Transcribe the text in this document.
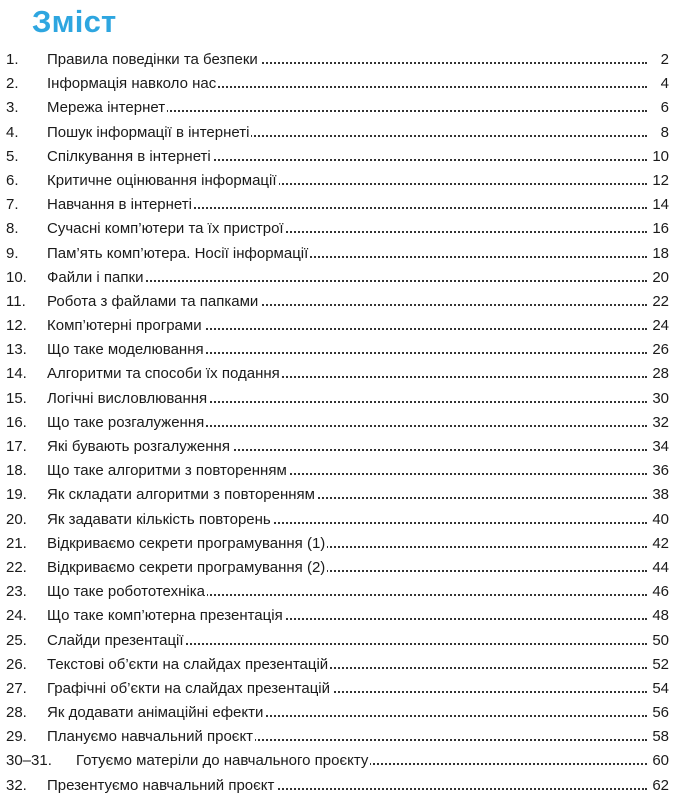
Зміст
1. Правила поведінки та безпеки	2
2. Інформація навколо нас	4
3. Мережа інтернет	6
4. Пошук інформації в інтернеті	8
5. Спілкування в інтернеті	10
6. Критичне оцінювання інформації	12
7. Навчання в інтернеті	14
8. Сучасні комп’ютери та їх пристрої	16
9. Пам’ять комп’ютера. Носії інформації	18
10. Файли і папки	20
11. Робота з файлами та папками	22
12. Комп’ютерні програми	24
13. Що таке моделювання	26
14. Алгоритми та способи їх подання	28
15. Логічні висловлювання	30
16. Що таке розгалуження	32
17. Які бувають розгалуження	34
18. Що таке алгоритми з повторенням	36
19. Як складати алгоритми з повторенням	38
20. Як задавати кількість повторень	40
21. Відкриваємо секрети програмування (1)	42
22. Відкриваємо секрети програмування (2)	44
23. Що таке робототехніка	46
24. Що таке комп’ютерна презентація	48
25. Слайди презентації	50
26. Текстові об’єкти на слайдах презентацій	52
27. Графічні об’єкти на слайдах презентацій	54
28. Як додавати анімаційні ефекти	56
29. Плануємо навчальний проєкт	58
30–31. Готуємо матеріли до навчального проєкту	60
32. Презентуємо навчальний проєкт	62
